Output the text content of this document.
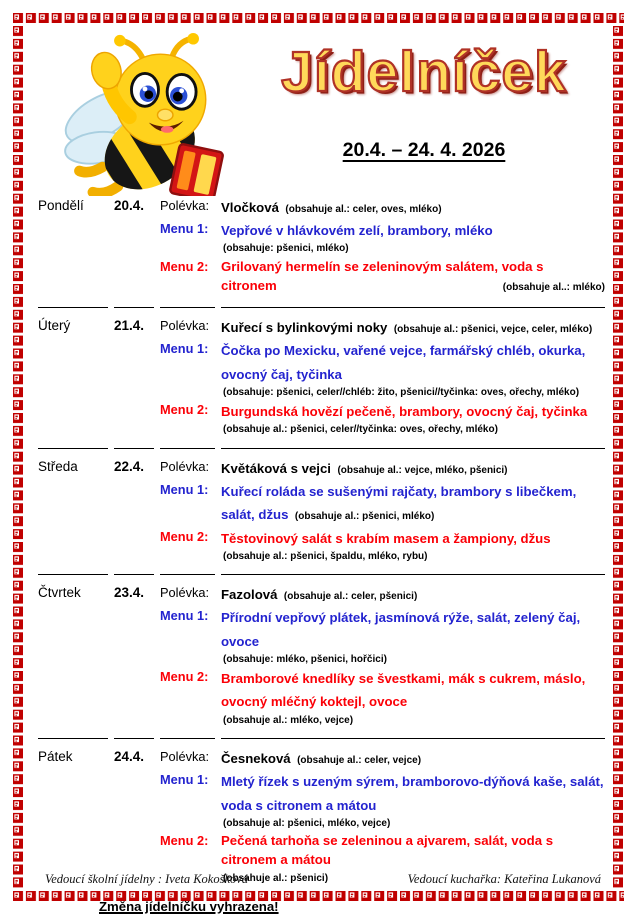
Jídelníček
20.4. – 24. 4. 2026
Pondělí	20.4.	Polévka: Vločková (obsahuje al.: celer, oves, mléko)
Menu 1: Vepřové v hlávkovém zelí, brambory, mléko
(obsahuje: pšenici, mléko)
Menu 2: Grilovaný hermelín se zeleninovým salátem, voda s citronem	(obsahuje al..: mléko)
Úterý	21.4.	Polévka: Kuřecí s bylinkovými noky (obsahuje al.: pšenici, vejce, celer, mléko)
Menu 1: Čočka po Mexicku, vařené vejce, farmářský chléb, okurka, ovocný čaj, tyčinka
(obsahuje: pšenici, celer//chléb: žito, pšenici//tyčinka: oves, ořechy, mléko)
Menu 2: Burgundská hovězí pečeně, brambory, ovocný čaj, tyčinka
(obsahuje al.: pšenici, celer//tyčinka: oves, ořechy, mléko)
Středa	22.4.	Polévka: Květáková s vejci (obsahuje al.: vejce, mléko, pšenici)
Menu 1: Kuřecí roláda se sušenými rajčaty, brambory s libečkem, salát, džus (obsahuje al.: pšenici, mléko)
Menu 2: Těstovinový salát s krabím masem a žampiony, džus
(obsahuje al.: pšenici, špaldu, mléko, rybu)
Čtvrtek	23.4.	Polévka: Fazolová (obsahuje al.: celer, pšenici)
Menu 1: Přírodní vepřový plátek, jasmínová rýže, salát, zelený čaj, ovoce
(obsahuje: mléko, pšenici, hořčici)
Menu 2: Bramborové knedlíky se švestkami, mák s cukrem, máslo, ovocný mléčný koktejl, ovoce
(obsahuje al.: mléko, vejce)
Pátek	24.4.	Polévka: Česneková (obsahuje al.: celer, vejce)
Menu 1: Mletý řízek s uzeným sýrem, bramborovo-dýňová kaše, salát, voda s citronem a mátou
(obsahuje al: pšenici, mléko, vejce)
Menu 2: Pečená tarhoňa se zeleninou a ajvarem, salát, voda s citronem a mátou
(obsahuje al.: pšenici)
Změna jídelníčku vyhrazena!
Vedoucí školní jídelny : Iveta Kokošková	Vedoucí kuchařka: Kateřina Lukanová
